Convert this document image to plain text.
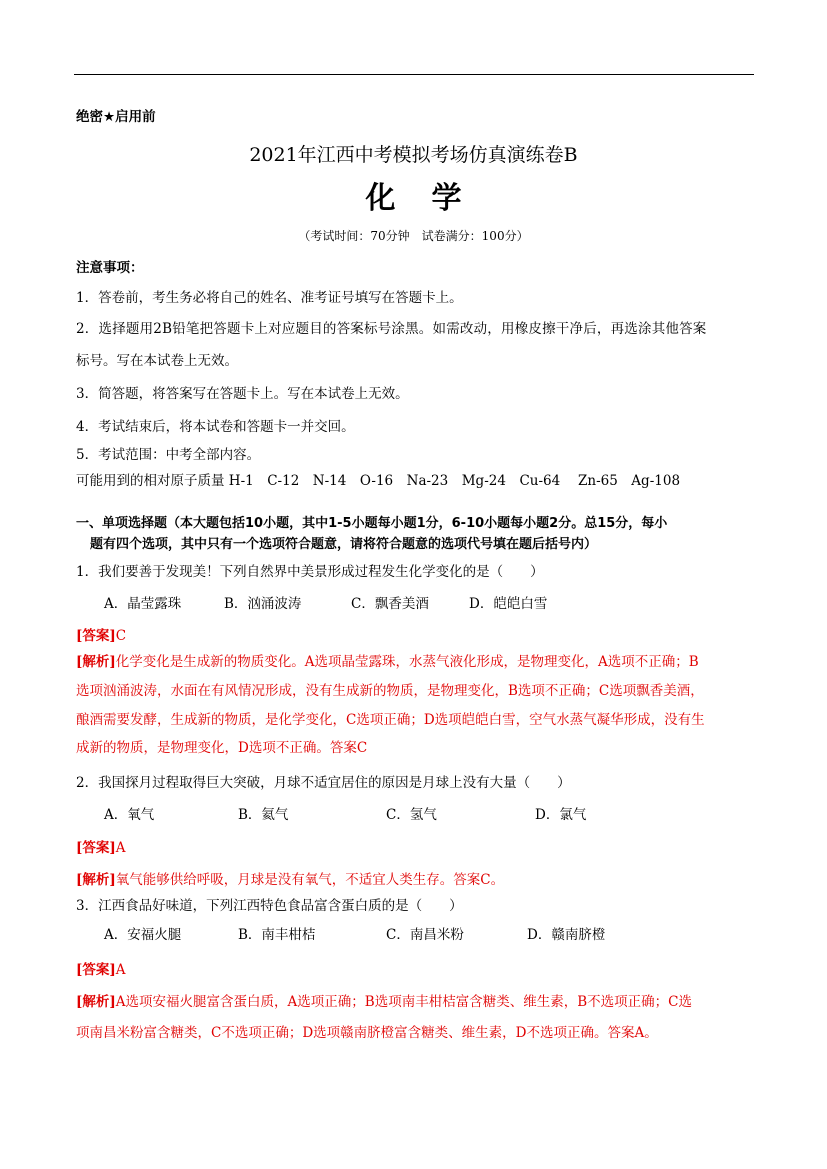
绝密★启用前
2021年江西中考模拟考场仿真演练卷B
化学
（考试时间：70分钟　试卷满分：100分）
注意事项：
1．答卷前，考生务必将自己的姓名、准考证号填写在答题卡上。
2．选择题用2B铅笔把答题卡上对应题目的答案标号涂黑。如需改动，用橡皮擦干净后，再选涂其他答案
标号。写在本试卷上无效。
3．简答题，将答案写在答题卡上。写在本试卷上无效。
4．考试结束后，将本试卷和答题卡一并交回。
5．考试范围：中考全部内容。
可能用到的相对原子质量 H-1　C-12　N-14　O-16　Na-23　Mg-24　Cu-64　 Zn-65　Ag-108
一、单项选择题（本大题包括10小题，其中1-5小题每小题1分，6-10小题每小题2分。总15分，每小
题有四个选项，其中只有一个选项符合题意，请将符合题意的选项代号填在题后括号内）
1．我们要善于发现美！下列自然界中美景形成过程发生化学变化的是（　　）
A．晶莹露珠	B．汹涌波涛	C．飘香美酒	D．皑皑白雪
[答案]C
[解析]化学变化是生成新的物质变化。A选项晶莹露珠，水蒸气液化形成，是物理变化，A选项不正确；B
选项汹涌波涛，水面在有风情况形成，没有生成新的物质，是物理变化，B选项不正确；C选项飘香美酒，
酿酒需要发酵，生成新的物质，是化学变化，C选项正确；D选项皑皑白雪，空气水蒸气凝华形成，没有生
成新的物质，是物理变化，D选项不正确。答案C
2．我国探月过程取得巨大突破，月球不适宜居住的原因是月球上没有大量（　　）
A．氧气	B．氦气	C．氢气	D．氯气
[答案]A
[解析]氧气能够供给呼吸，月球是没有氧气，不适宜人类生存。答案C。
3．江西食品好味道，下列江西特色食品富含蛋白质的是（　　）
A．安福火腿	B．南丰柑桔	C．南昌米粉	D．赣南脐橙
[答案]A
[解析]A选项安福火腿富含蛋白质，A选项正确；B选项南丰柑桔富含糖类、维生素，B不选项正确；C选
项南昌米粉富含糖类，C不选项正确；D选项赣南脐橙富含糖类、维生素，D不选项正确。答案A。
